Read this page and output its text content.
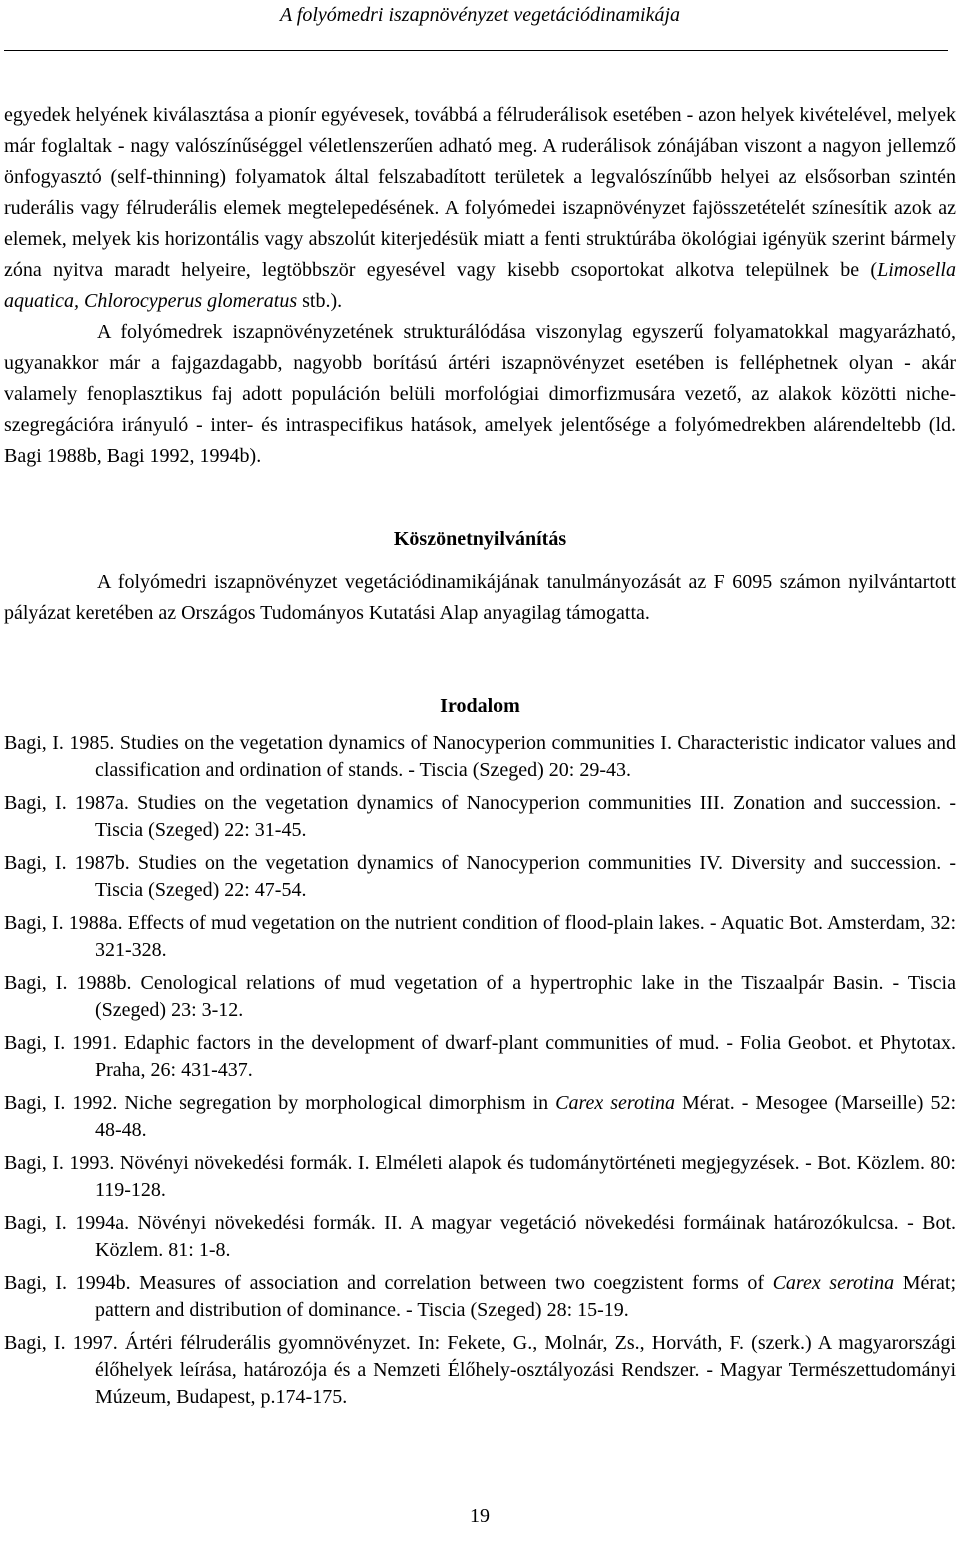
A folyómedri iszapnövényzet vegetációdinamikája

egyedek helyének kiválasztása a pionír egyévesek, továbbá a félruderálisok esetében - azon helyek kivételével, melyek már foglaltak - nagy valószínűséggel véletlenszerűen adható meg. A ruderálisok zónájában viszont a nagyon jellemző önfogyasztó (self-thinning) folyamatok által felszabadított területek a legvalószínűbb helyei az elsősorban szintén ruderális vagy félruderális elemek megtelepedésének. A folyómedei iszapnövényzet fajösszetételét színesítik azok az elemek, melyek kis horizontális vagy abszolút kiterjedésük miatt a fenti struktúrába ökológiai igényük szerint bármely zóna nyitva maradt helyeire, legtöbbször egyesével vagy kisebb csoportokat alkotva települnek be (Limosella aquatica, Chlorocyperus glomeratus stb.).

A folyómedrek iszapnövényzetének strukturálódása viszonylag egyszerű folyamatokkal magyarázható, ugyanakkor már a fajgazdagabb, nagyobb borítású ártéri iszapnövényzet esetében is felléphetnek olyan - akár valamely fenoplasztikus faj adott populáción belüli morfológiai dimorfizmusára vezető, az alakok közötti niche-szegregációra irányuló - inter- és intraspecifikus hatások, amelyek jelentősége a folyómedrekben alárendeltebb (ld. Bagi 1988b, Bagi 1992, 1994b).

Köszönetnyilvánítás

A folyómedri iszapnövényzet vegetációdinamikájának tanulmányozását az F 6095 számon nyilvántartott pályázat keretében az Országos Tudományos Kutatási Alap anyagilag támogatta.

Irodalom

Bagi, I. 1985. Studies on the vegetation dynamics of Nanocyperion communities I. Characteristic indicator values and classification and ordination of stands. - Tiscia (Szeged) 20: 29-43.

Bagi, I. 1987a. Studies on the vegetation dynamics of Nanocyperion communities III. Zonation and succession. - Tiscia (Szeged) 22: 31-45.

Bagi, I. 1987b. Studies on the vegetation dynamics of Nanocyperion communities IV. Diversity and succession. - Tiscia (Szeged) 22: 47-54.

Bagi, I. 1988a. Effects of mud vegetation on the nutrient condition of flood-plain lakes. - Aquatic Bot. Amsterdam, 32: 321-328.

Bagi, I. 1988b. Cenological relations of mud vegetation of a hypertrophic lake in the Tiszaalpár Basin. - Tiscia (Szeged) 23: 3-12.

Bagi, I. 1991. Edaphic factors in the development of dwarf-plant communities of mud. - Folia Geobot. et Phytotax. Praha, 26: 431-437.

Bagi, I. 1992. Niche segregation by morphological dimorphism in Carex serotina Mérat. - Mesogee (Marseille) 52: 48-48.

Bagi, I. 1993. Növényi növekedési formák. I. Elméleti alapok és tudománytörténeti megjegyzések. - Bot. Közlem. 80: 119-128.

Bagi, I. 1994a. Növényi növekedési formák. II. A magyar vegetáció növekedési formáinak határozókulcsa. - Bot. Közlem. 81: 1-8.

Bagi, I. 1994b. Measures of association and correlation between two coegzistent forms of Carex serotina Mérat; pattern and distribution of dominance. - Tiscia (Szeged) 28: 15-19.

Bagi, I. 1997. Ártéri félruderális gyomnövényzet. In: Fekete, G., Molnár, Zs., Horváth, F. (szerk.) A magyarországi élőhelyek leírása, határozója és a Nemzeti Élőhely-osztályozási Rendszer. - Magyar Természettudományi Múzeum, Budapest, p.174-175.

19
